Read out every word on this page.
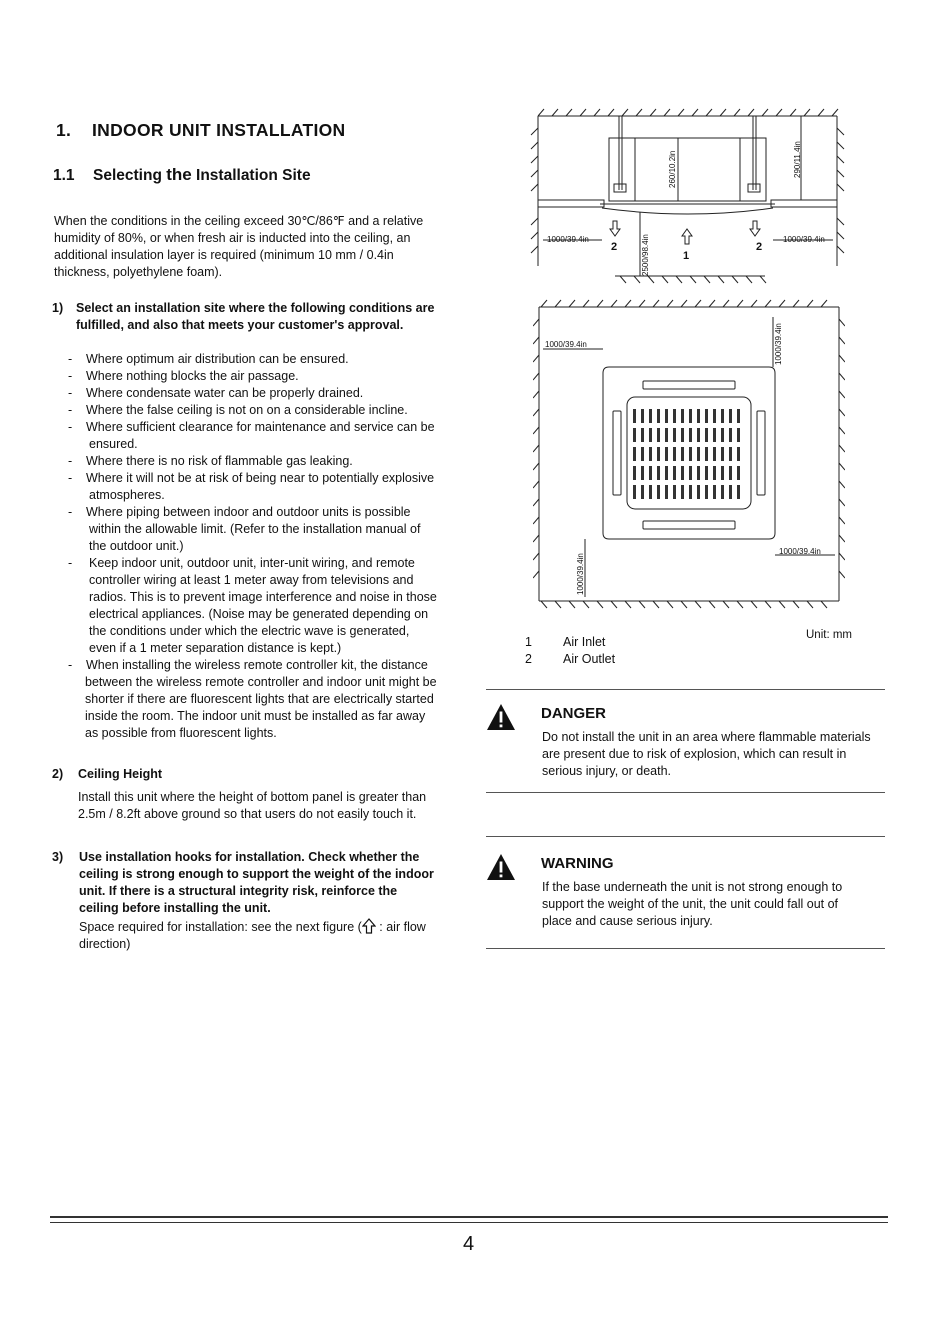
1. INDOOR UNIT INSTALLATION
1.1 Selecting the Installation Site
When the conditions in the ceiling exceed 30℃/86℉ and a relative
humidity of 80%, or when fresh air is inducted into the ceiling, an
additional insulation layer is required (minimum 10 mm / 0.4in
thickness, polyethylene foam).
1) Select an installation site where the following conditions are
fulfilled, and also that meets your customer's approval.
- Where optimum air distribution can be ensured.
- Where nothing blocks the air passage.
- Where condensate water can be properly drained.
- Where the false ceiling is not on on a considerable incline.
- Where sufficient clearance for maintenance and service can be
ensured.
- Where there is no risk of flammable gas leaking.
- Where it will not be at risk of being near to potentially explosive
atmospheres.
- Where piping between indoor and outdoor units is possible
within the allowable limit. (Refer to the installation manual of
the outdoor unit.)
- Keep indoor unit, outdoor unit, inter-unit wiring, and remote
controller wiring at least 1 meter away from televisions and
radios. This is to prevent image interference and noise in those
electrical appliances. (Noise may be generated depending on
the conditions under which the electric wave is generated,
even if a 1 meter separation distance is kept.)
- When installing the wireless remote controller kit, the distance
between the wireless remote controller and indoor unit might be
shorter if there are fluorescent lights that are electrically started
inside the room. The indoor unit must be installed as far away
as possible from fluorescent lights.
2)	Ceiling Height
Install this unit where the height of bottom panel is greater than
2.5m / 8.2ft above ground so that users do not easily touch it.
3) Use installation hooks for installation. Check whether the
ceiling is strong enough to support the weight of the indoor
unit. If there is a structural integrity risk, reinforce the
ceiling before installing the unit.
Space required for installation: see the next figure ( : air flow
direction)
260/10.2in	290/11.4in
1000/39.4in	1000/39.4in
2500/98.4in
2
1
2
1000/39.4in	1000/39.4in
1000/39.4in
1000/39.4in
1 Air Inlet
2 Air Outlet
Unit: mm
DANGER
Do not install the unit in an area where flammable materials
are present due to risk of explosion, which can result in
serious injury, or death.
WARNING
If the base underneath the unit is not strong enough to
support the weight of the unit, the unit could fall out of
place and cause serious injury.
4
